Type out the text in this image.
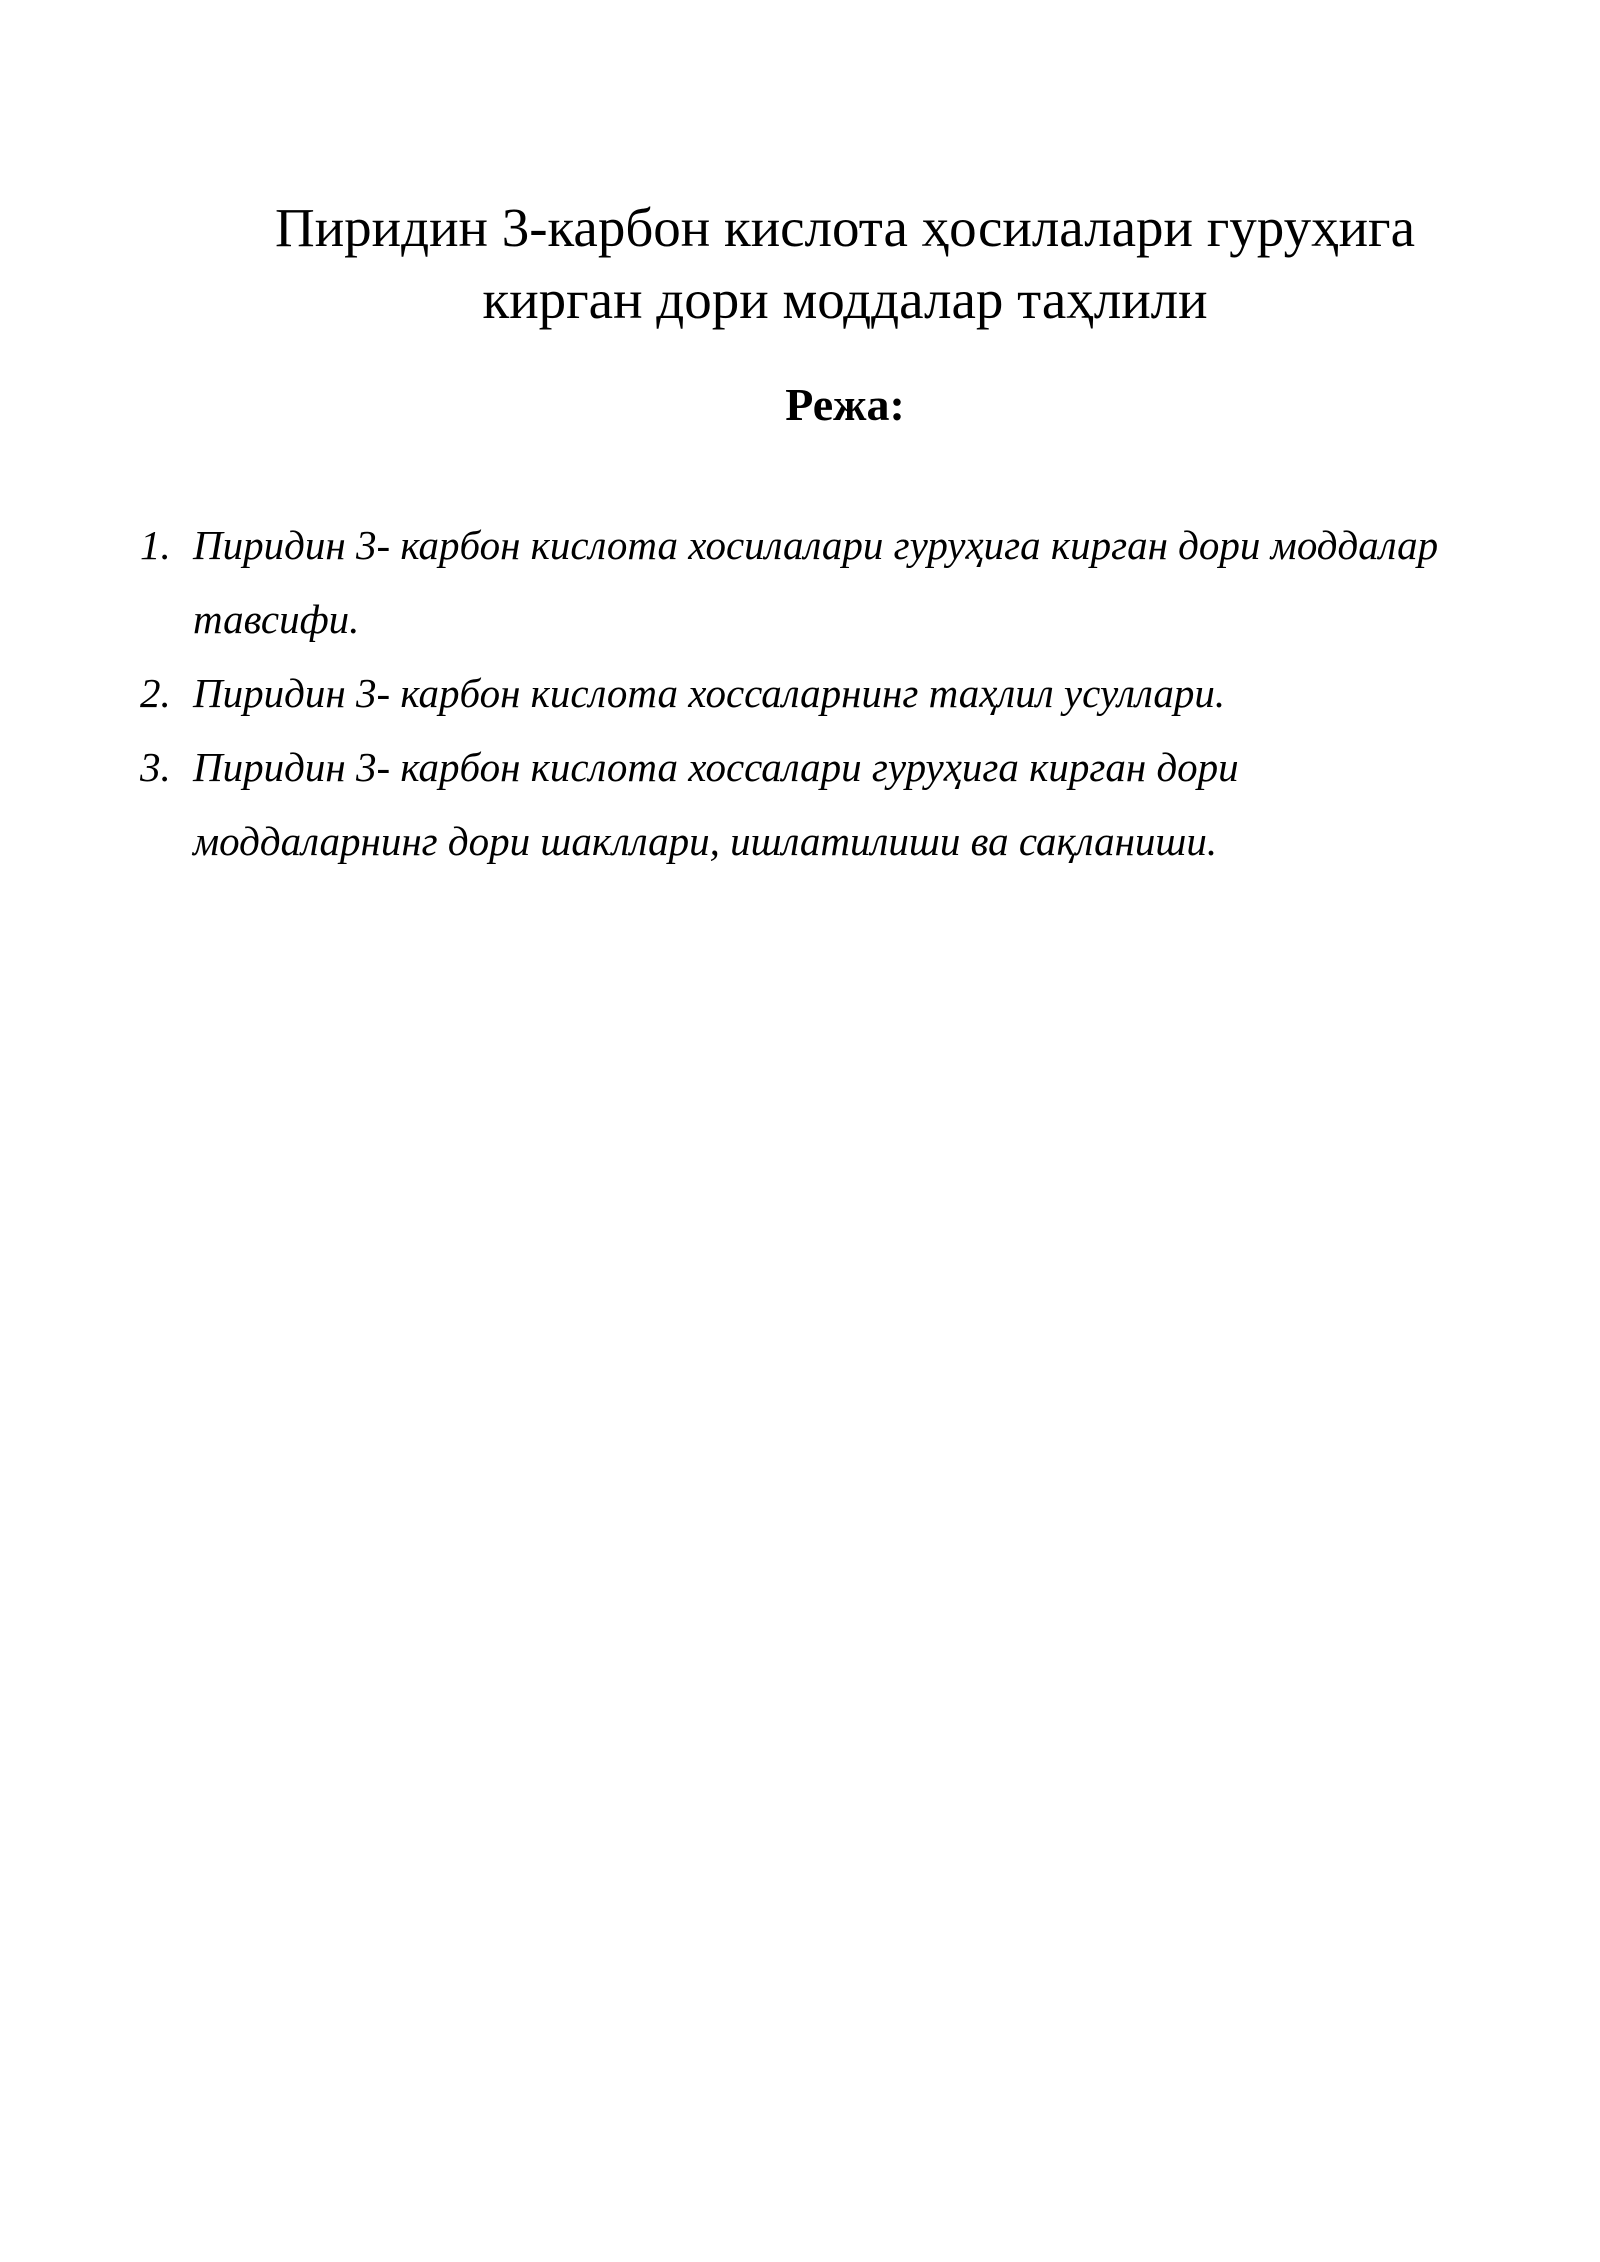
Пиридин 3-карбон кислота ҳосилалари гуруҳига
кирган дори моддалар таҳлили
Режа:
1. Пиридин 3- карбон кислота хосилалари гуруҳига кирган дори моддалар
тавсифи.
2. Пиридин 3- карбон кислота хоссаларнинг таҳлил усуллари.
3. Пиридин 3- карбон кислота хоссалари гуруҳига кирган дори
моддаларнинг дори шакллари, ишлатилиши ва сақланиши.
